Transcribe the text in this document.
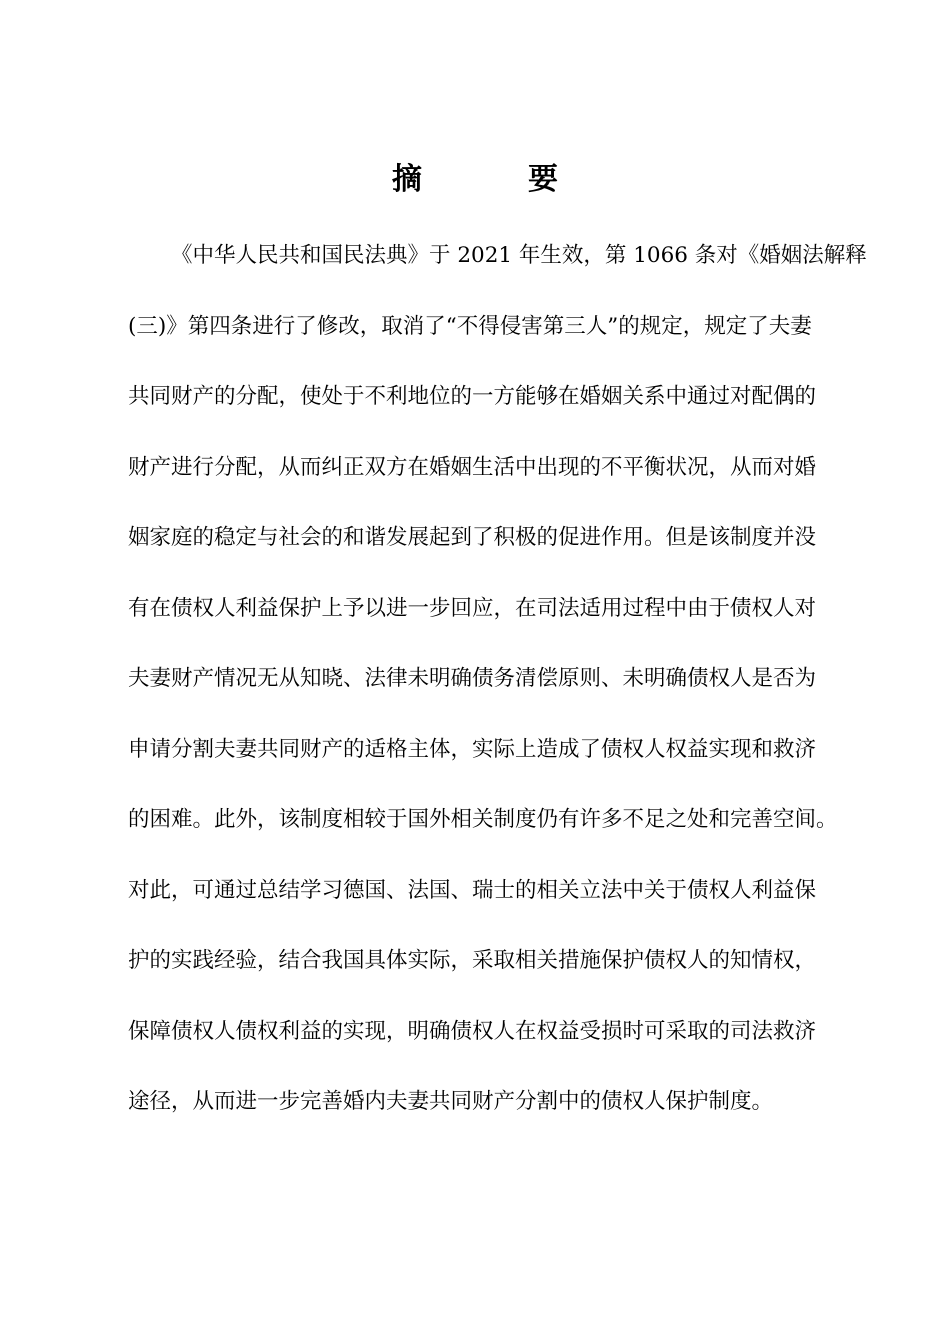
摘　要
《中华人民共和国民法典》于 2021 年生效，第 1066 条对《婚姻法解释
(三)》第四条进行了修改，取消了“不得侵害第三人”的规定，规定了夫妻
共同财产的分配，使处于不利地位的一方能够在婚姻关系中通过对配偶的
财产进行分配，从而纠正双方在婚姻生活中出现的不平衡状况，从而对婚
姻家庭的稳定与社会的和谐发展起到了积极的促进作用。但是该制度并没
有在债权人利益保护上予以进一步回应，在司法适用过程中由于债权人对
夫妻财产情况无从知晓、法律未明确债务清偿原则、未明确债权人是否为
申请分割夫妻共同财产的适格主体，实际上造成了债权人权益实现和救济
的困难。此外，该制度相较于国外相关制度仍有许多不足之处和完善空间。
对此，可通过总结学习德国、法国、瑞士的相关立法中关于债权人利益保
护的实践经验，结合我国具体实际，采取相关措施保护债权人的知情权，
保障债权人债权利益的实现，明确债权人在权益受损时可采取的司法救济
途径，从而进一步完善婚内夫妻共同财产分割中的债权人保护制度。
